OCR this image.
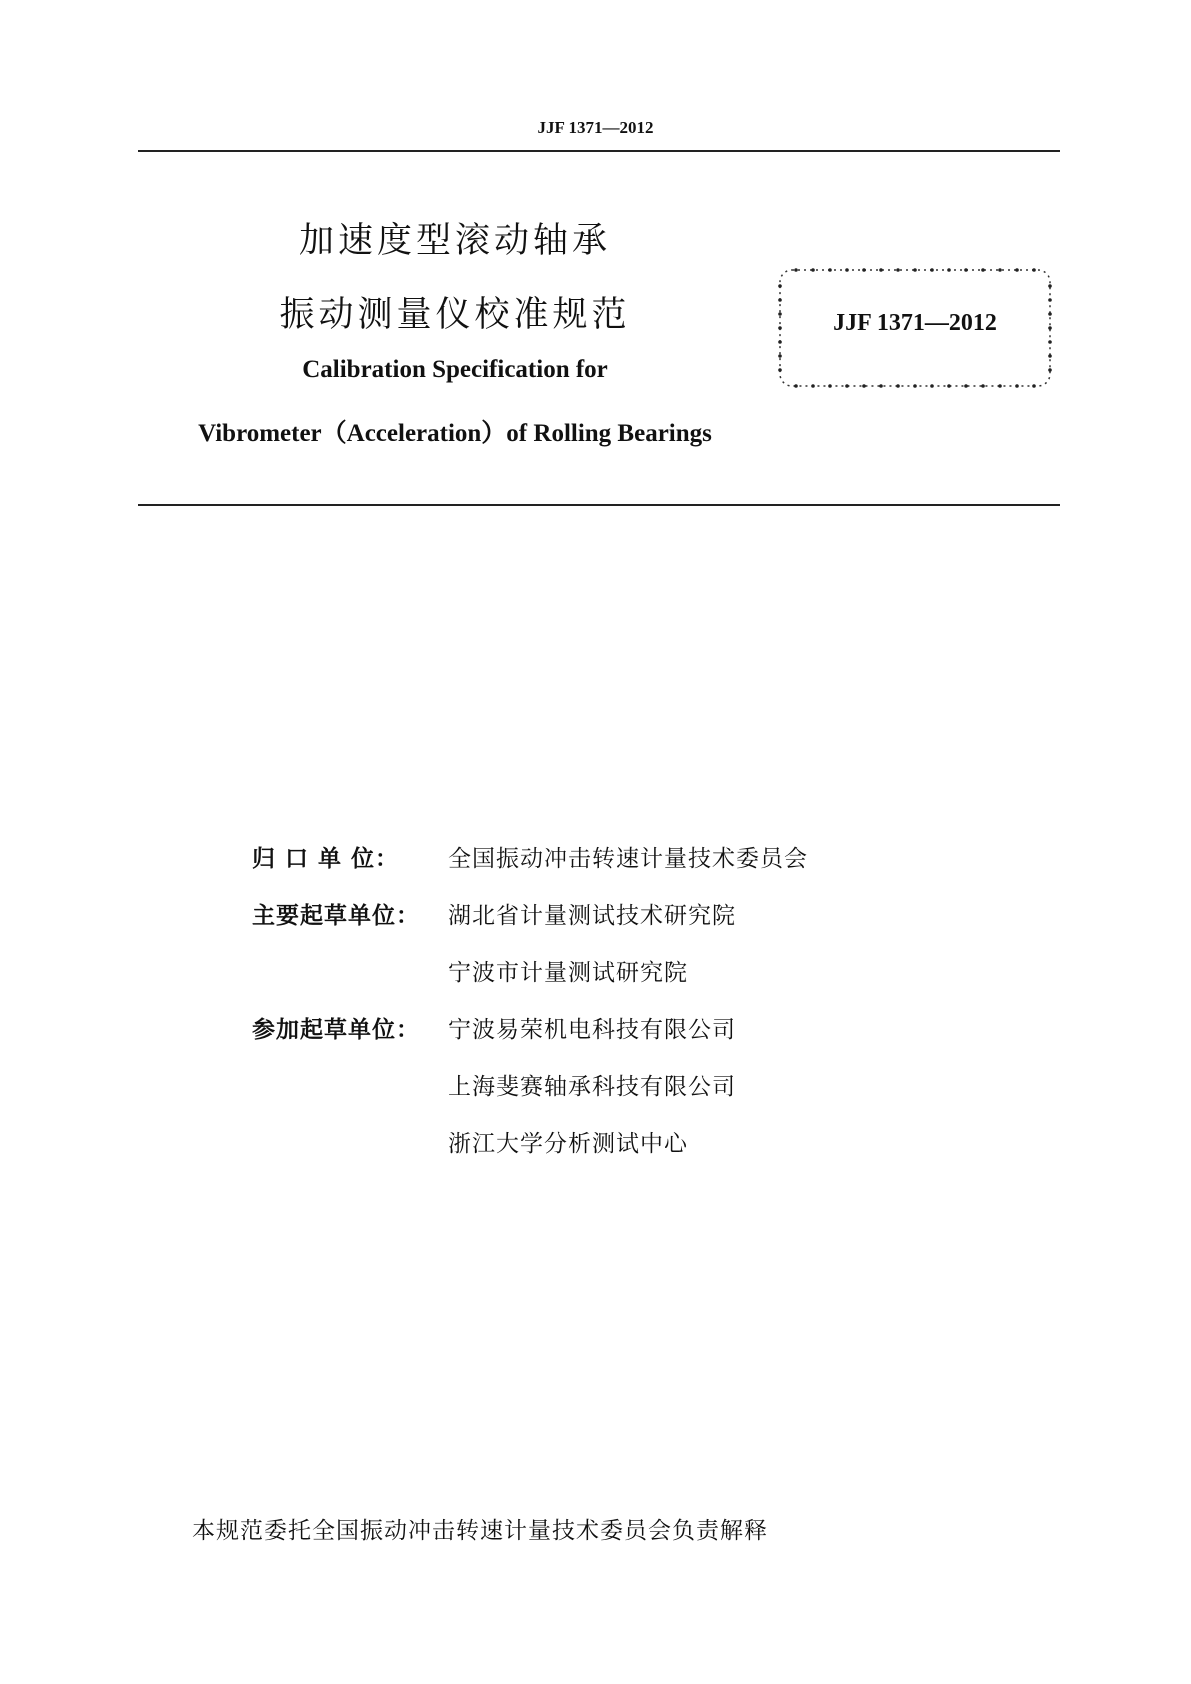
JJF 1371—2012
加速度型滚动轴承
振动测量仪校准规范
Calibration Specification for
Vibrometer（Acceleration）of Rolling Bearings
JJF 1371—2012
归 口 单 位：	全国振动冲击转速计量技术委员会
主要起草单位：	湖北省计量测试技术研究院
宁波市计量测试研究院
参加起草单位：	宁波易荣机电科技有限公司
上海斐赛轴承科技有限公司
浙江大学分析测试中心
本规范委托全国振动冲击转速计量技术委员会负责解释
